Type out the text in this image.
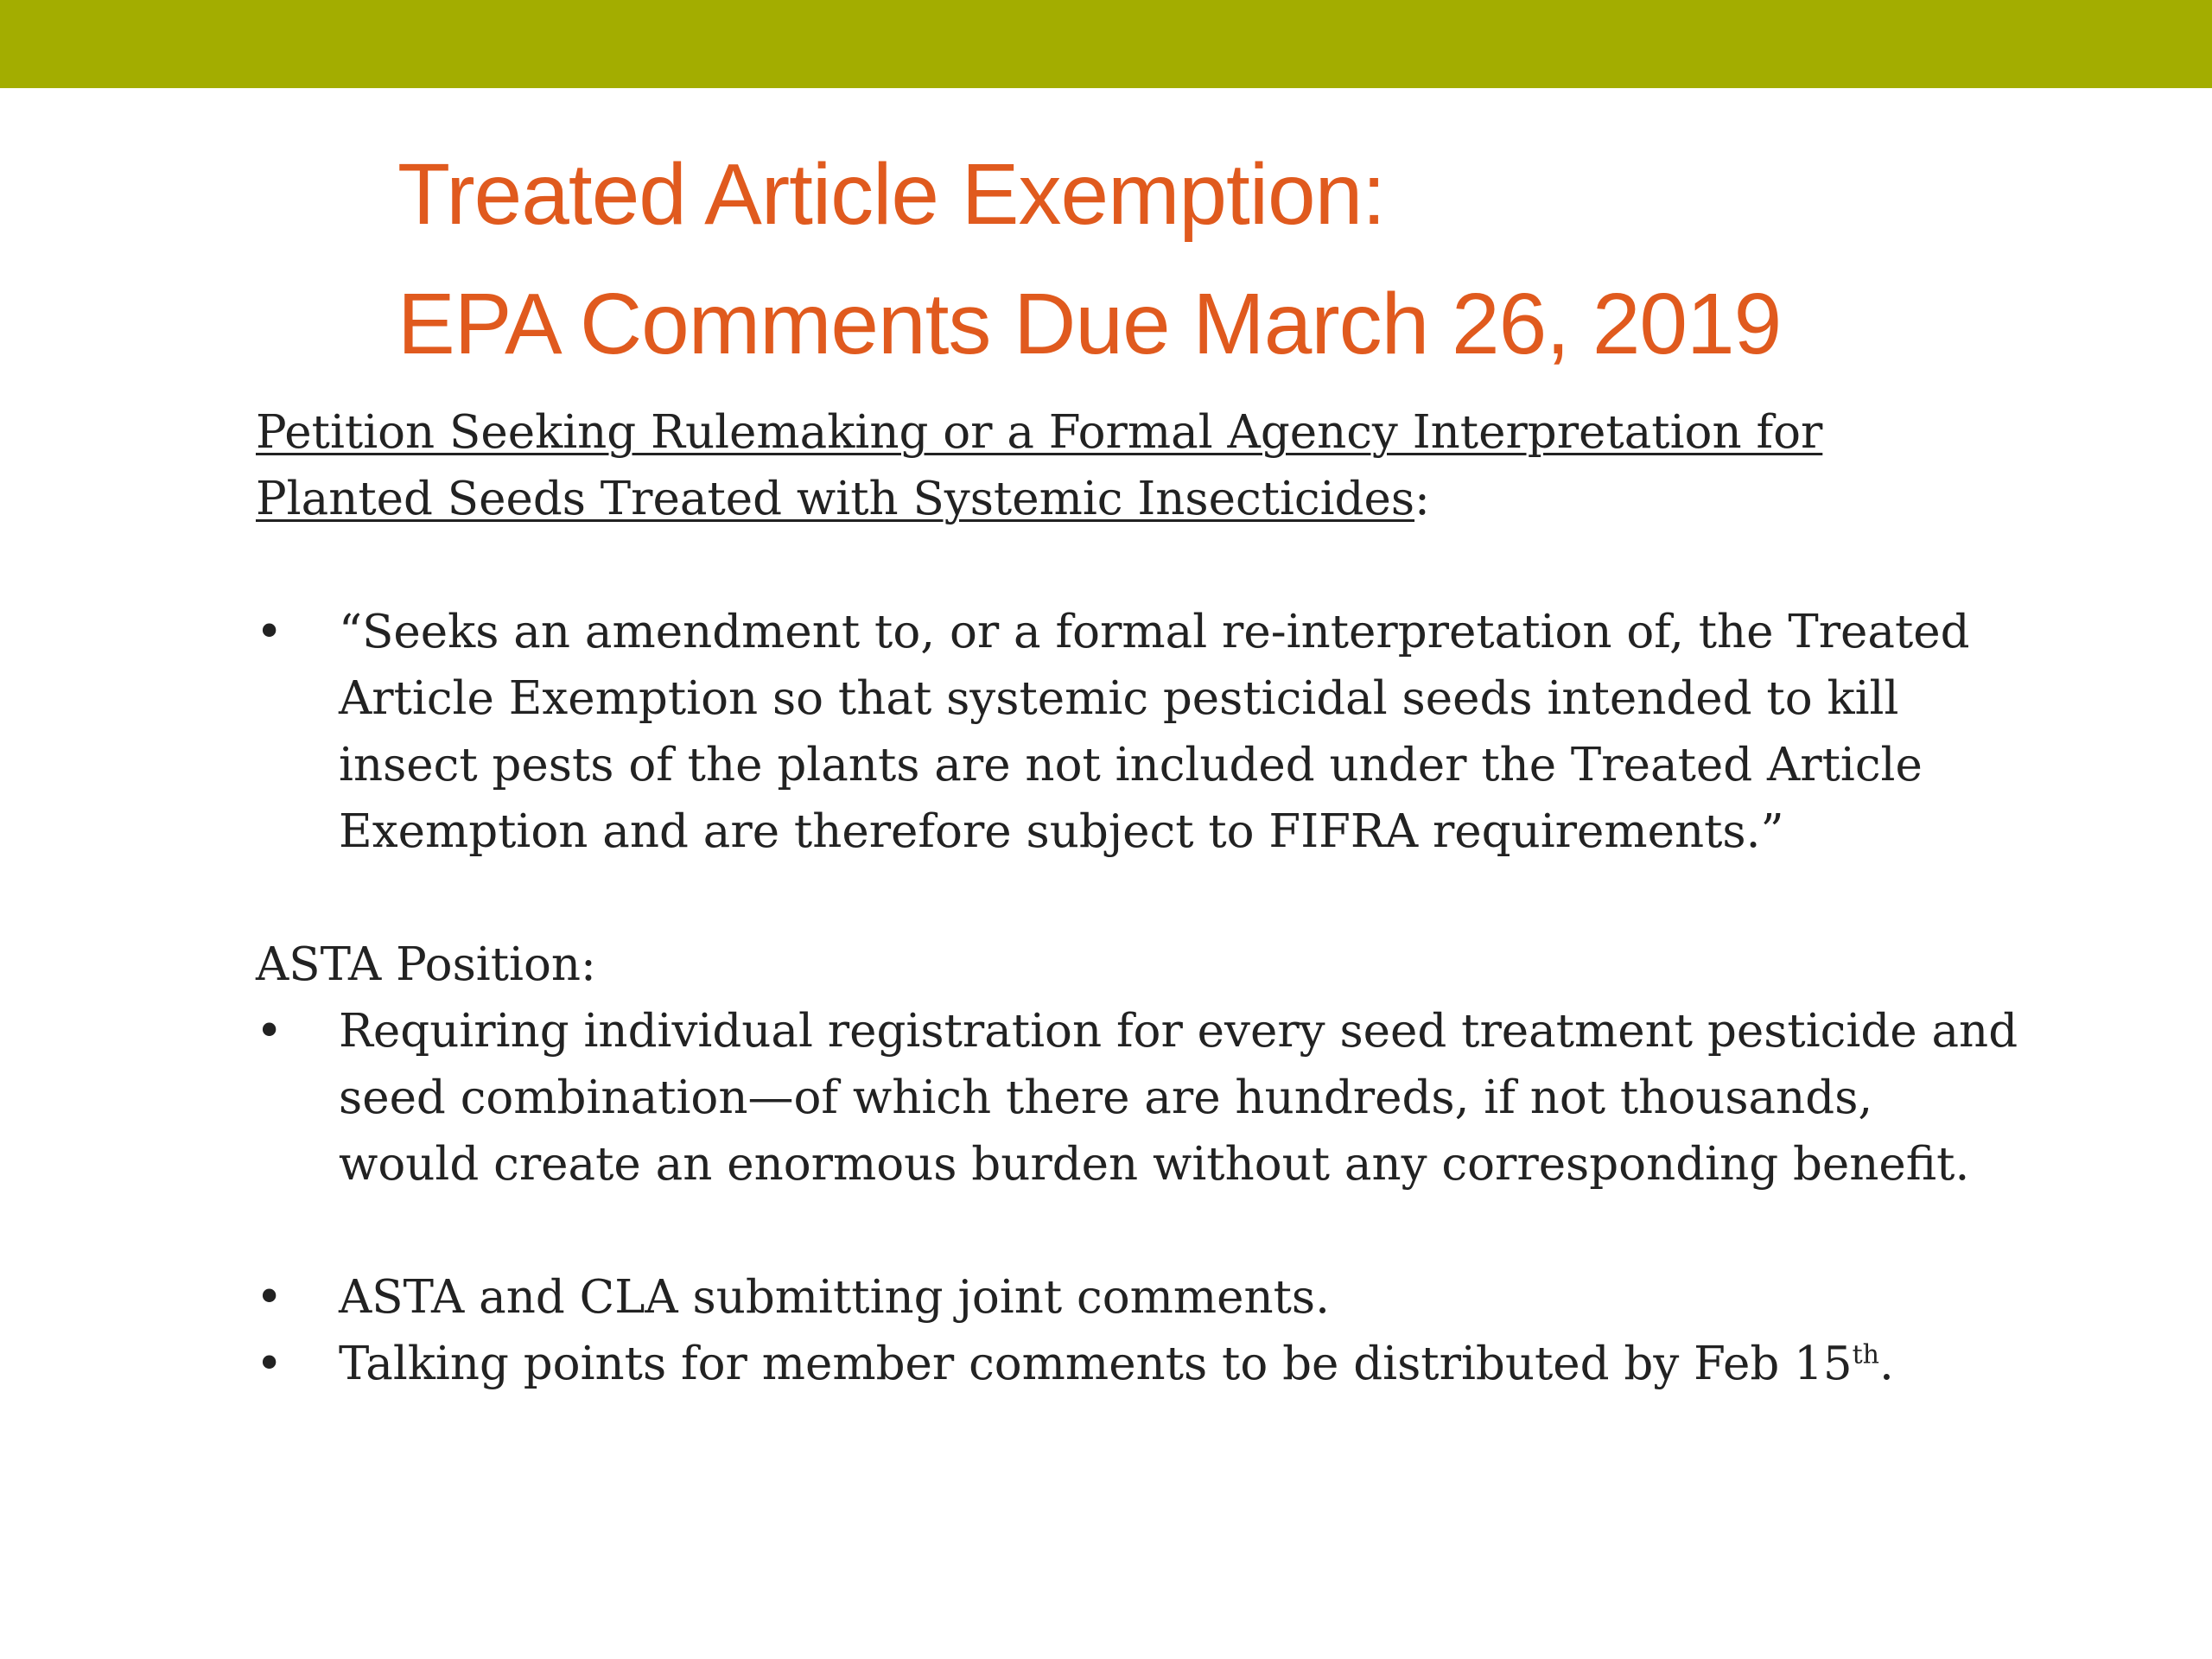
Treated Article Exemption:
EPA Comments Due March 26, 2019

Petition Seeking Rulemaking or a Formal Agency Interpretation for
Planted Seeds Treated with Systemic Insecticides:

• “Seeks an amendment to, or a formal re-interpretation of, the Treated Article Exemption so that systemic pesticidal seeds intended to kill insect pests of the plants are not included under the Treated Article Exemption and are therefore subject to FIFRA requirements.”
ASTA Position:
• Requiring individual registration for every seed treatment pesticide and seed combination—of which there are hundreds, if not thousands, would create an enormous burden without any corresponding benefit.
• ASTA and CLA submitting joint comments.
• Talking points for member comments to be distributed by Feb 15th.
